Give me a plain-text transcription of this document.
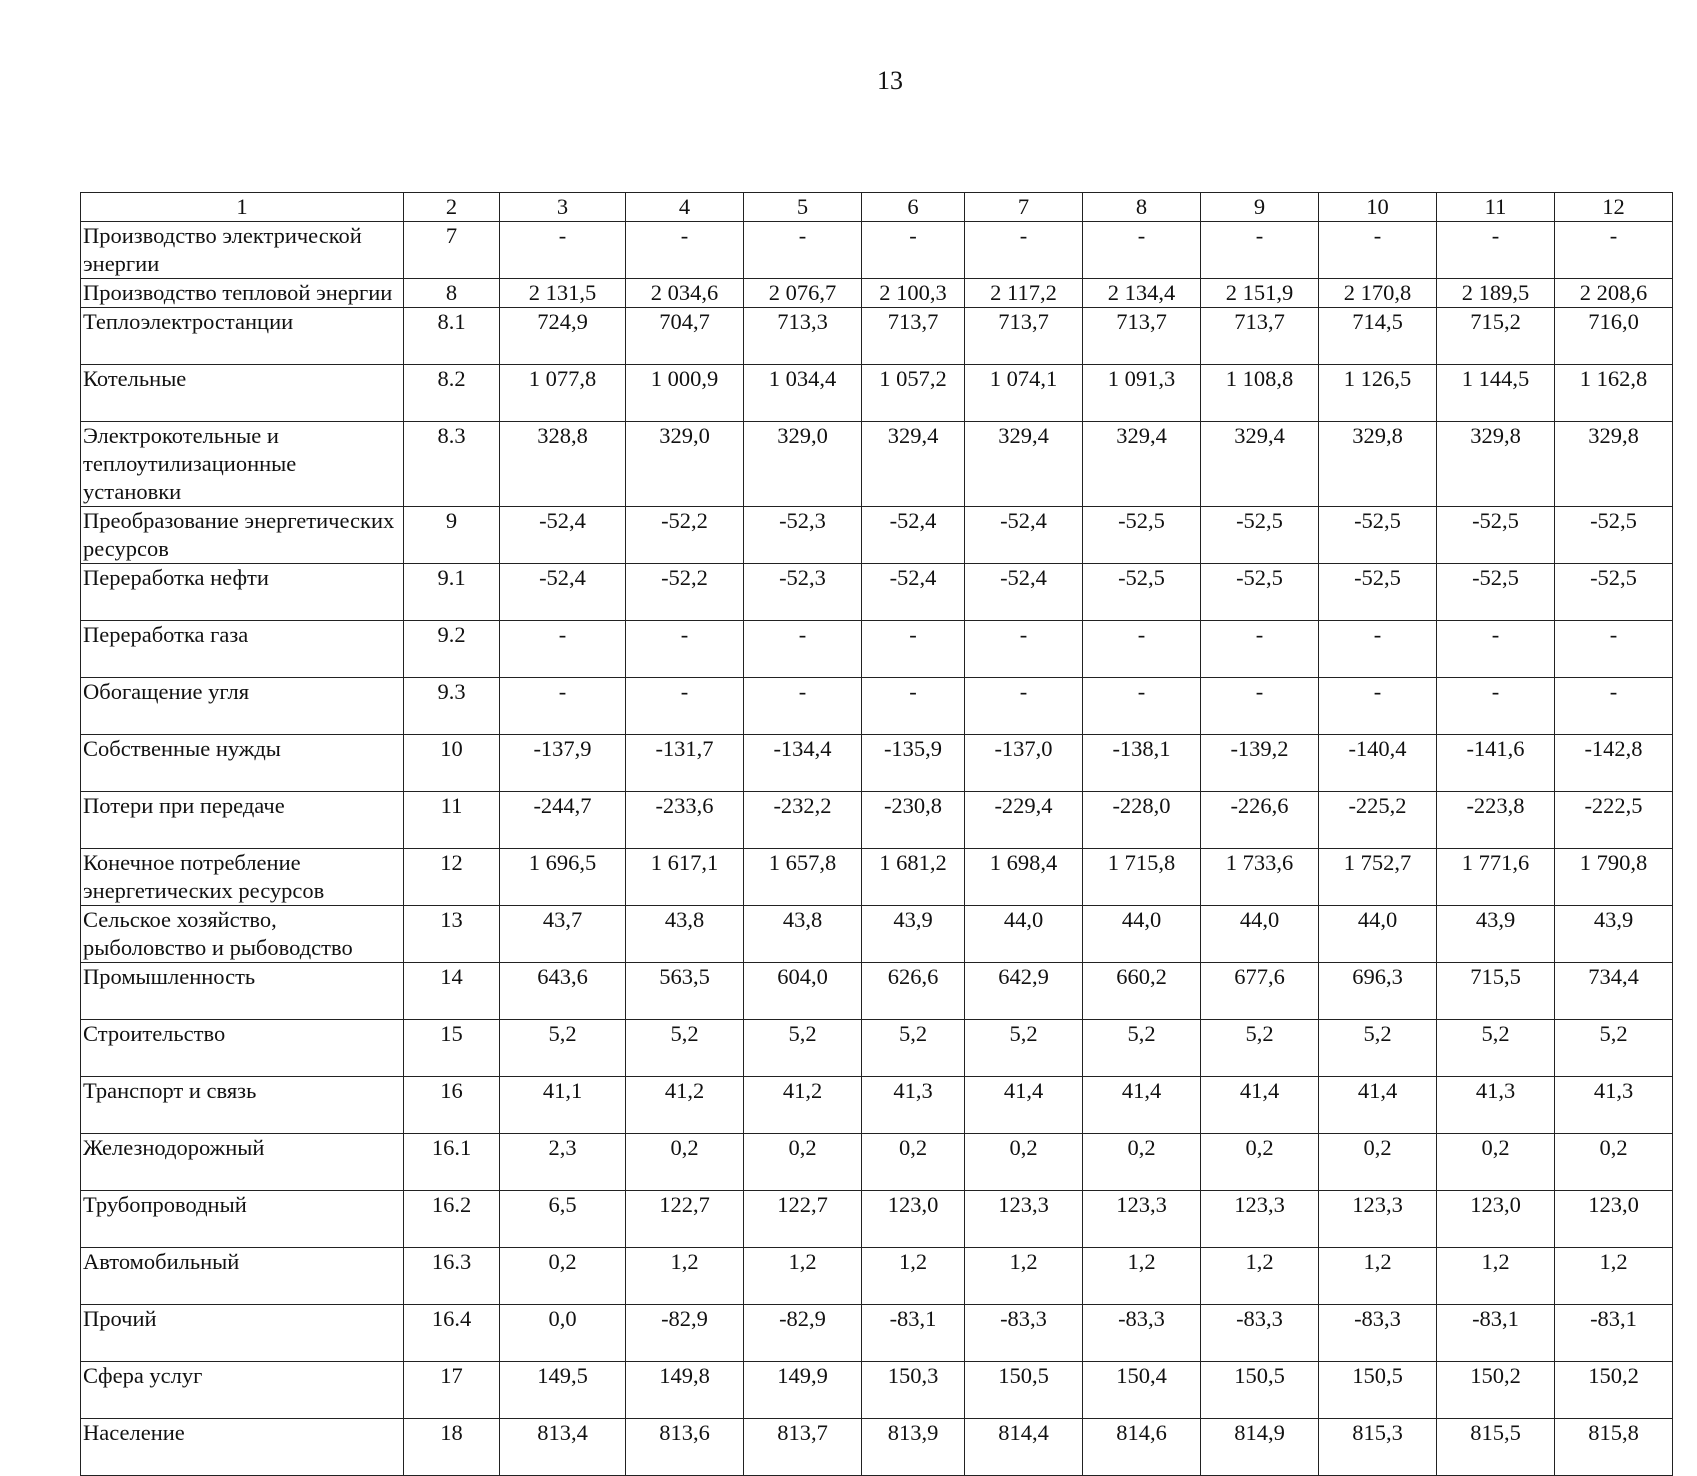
13
1	2	3	4	5	6	7	8	9	10	11	12
Производство электрической энергии	7	-	-	-	-	-	-	-	-	-	-
Производство тепловой энергии	8	2 131,5	2 034,6	2 076,7	2 100,3	2 117,2	2 134,4	2 151,9	2 170,8	2 189,5	2 208,6
Теплоэлектростанции	8.1	724,9	704,7	713,3	713,7	713,7	713,7	713,7	714,5	715,2	716,0
Котельные	8.2	1 077,8	1 000,9	1 034,4	1 057,2	1 074,1	1 091,3	1 108,8	1 126,5	1 144,5	1 162,8
Электрокотельные и теплоутилизационные установки	8.3	328,8	329,0	329,0	329,4	329,4	329,4	329,4	329,8	329,8	329,8
Преобразование энергетических ресурсов	9	-52,4	-52,2	-52,3	-52,4	-52,4	-52,5	-52,5	-52,5	-52,5	-52,5
Переработка нефти	9.1	-52,4	-52,2	-52,3	-52,4	-52,4	-52,5	-52,5	-52,5	-52,5	-52,5
Переработка газа	9.2	-	-	-	-	-	-	-	-	-	-
Обогащение угля	9.3	-	-	-	-	-	-	-	-	-	-
Собственные нужды	10	-137,9	-131,7	-134,4	-135,9	-137,0	-138,1	-139,2	-140,4	-141,6	-142,8
Потери при передаче	11	-244,7	-233,6	-232,2	-230,8	-229,4	-228,0	-226,6	-225,2	-223,8	-222,5
Конечное потребление энергетических ресурсов	12	1 696,5	1 617,1	1 657,8	1 681,2	1 698,4	1 715,8	1 733,6	1 752,7	1 771,6	1 790,8
Сельское хозяйство, рыболовство и рыбоводство	13	43,7	43,8	43,8	43,9	44,0	44,0	44,0	44,0	43,9	43,9
Промышленность	14	643,6	563,5	604,0	626,6	642,9	660,2	677,6	696,3	715,5	734,4
Строительство	15	5,2	5,2	5,2	5,2	5,2	5,2	5,2	5,2	5,2	5,2
Транспорт и связь	16	41,1	41,2	41,2	41,3	41,4	41,4	41,4	41,4	41,3	41,3
Железнодорожный	16.1	2,3	0,2	0,2	0,2	0,2	0,2	0,2	0,2	0,2	0,2
Трубопроводный	16.2	6,5	122,7	122,7	123,0	123,3	123,3	123,3	123,3	123,0	123,0
Автомобильный	16.3	0,2	1,2	1,2	1,2	1,2	1,2	1,2	1,2	1,2	1,2
Прочий	16.4	0,0	-82,9	-82,9	-83,1	-83,3	-83,3	-83,3	-83,3	-83,1	-83,1
Сфера услуг	17	149,5	149,8	149,9	150,3	150,5	150,4	150,5	150,5	150,2	150,2
Население	18	813,4	813,6	813,7	813,9	814,4	814,6	814,9	815,3	815,5	815,8
